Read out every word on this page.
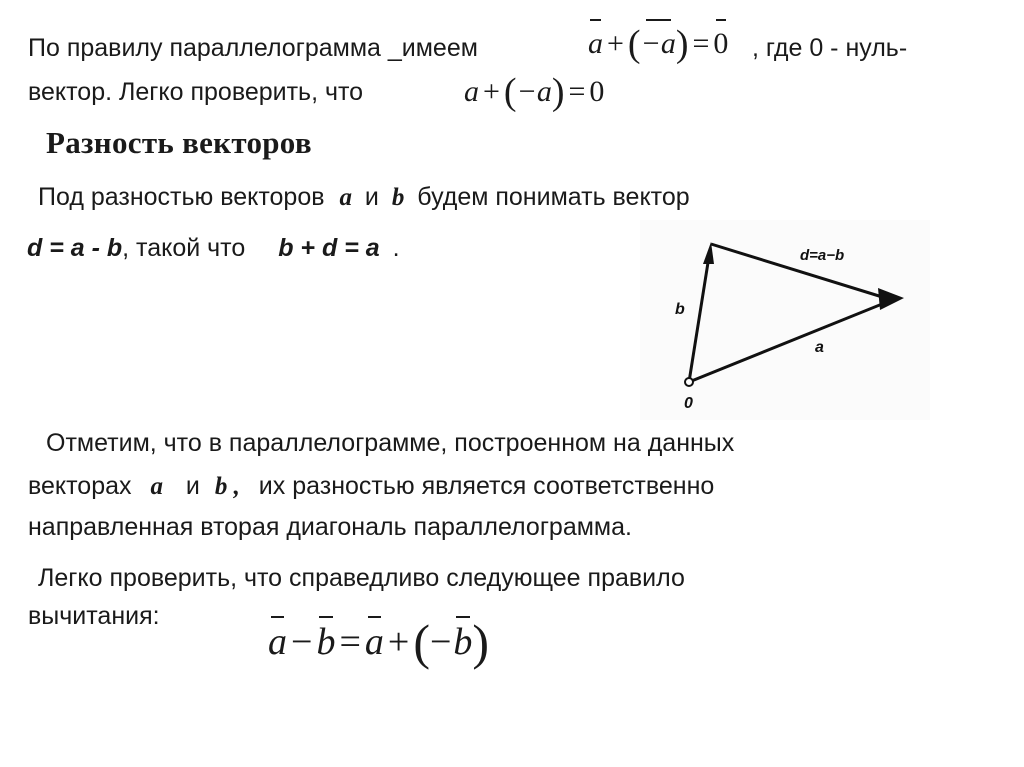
По правилу параллелограмма _имеем	a + (−a) = 0 , где 0 - нуль-
вектор. Легко проверить, что	a + (−a) = 0
Разность векторов
Под разностью векторов a и b будем понимать вектор
d = a - b, такой что b + d = a .
b
a
d=a−b
0
Отметим, что в параллелограмме, построенном на данных
векторах a и b , их разностью является соответственно
направленная вторая диагональ параллелограмма.
Легко проверить, что справедливо следующее правило
вычитания:
a − b = a +(−b)
